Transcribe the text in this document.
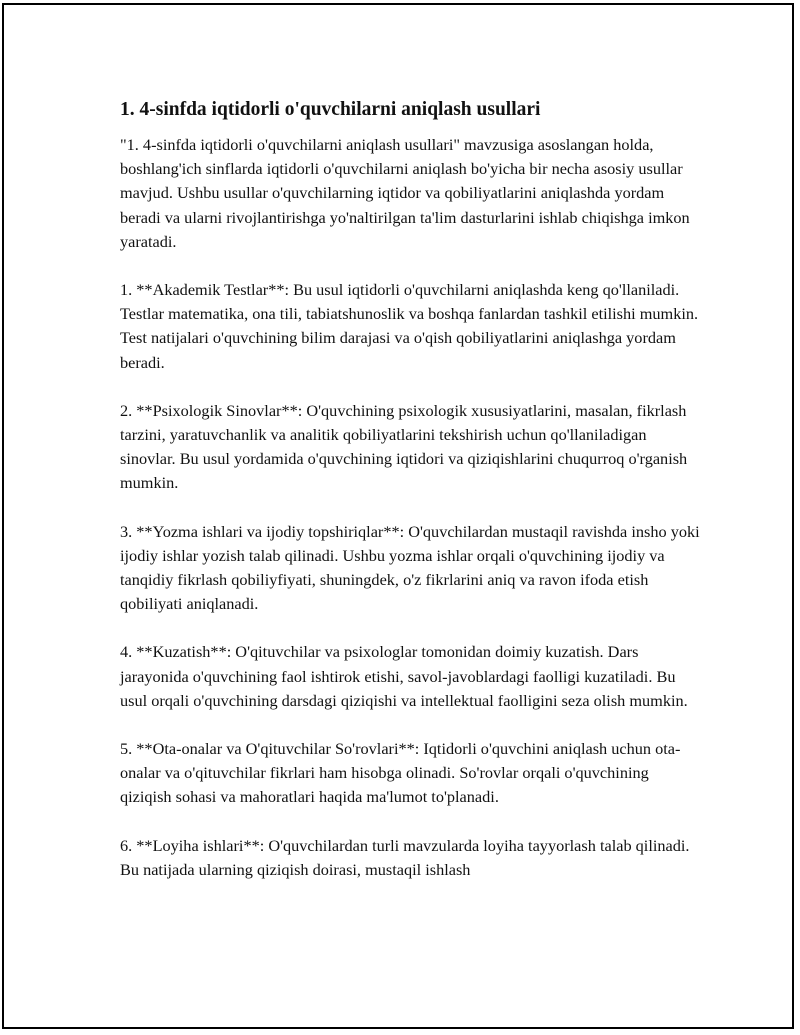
1. 4-sinfda iqtidorli o'quvchilarni aniqlash usullari

"1. 4-sinfda iqtidorli o'quvchilarni aniqlash usullari" mavzusiga asoslangan holda, boshlang'ich sinflarda iqtidorli o'quvchilarni aniqlash bo'yicha bir necha asosiy usullar mavjud. Ushbu usullar o'quvchilarning iqtidor va qobiliyatlarini aniqlashda yordam beradi va ularni rivojlantirishga yo'naltirilgan ta'lim dasturlarini ishlab chiqishga imkon yaratadi.

1. **Akademik Testlar**: Bu usul iqtidorli o'quvchilarni aniqlashda keng qo'llaniladi. Testlar matematika, ona tili, tabiatshunoslik va boshqa fanlardan tashkil etilishi mumkin. Test natijalari o'quvchining bilim darajasi va o'qish qobiliyatlarini aniqlashga yordam beradi.

2. **Psixologik Sinovlar**: O'quvchining psixologik xususiyatlarini, masalan, fikrlash tarzini, yaratuvchanlik va analitik qobiliyatlarini tekshirish uchun qo'llaniladigan sinovlar. Bu usul yordamida o'quvchining iqtidori va qiziqishlarini chuqurroq o'rganish mumkin.

3. **Yozma ishlari va ijodiy topshiriqlar**: O'quvchilardan mustaqil ravishda insho yoki ijodiy ishlar yozish talab qilinadi. Ushbu yozma ishlar orqali o'quvchining ijodiy va tanqidiy fikrlash qobiliyfiyati, shuningdek, o'z fikrlarini aniq va ravon ifoda etish qobiliyati aniqlanadi.

4. **Kuzatish**: O'qituvchilar va psixologlar tomonidan doimiy kuzatish. Dars jarayonida o'quvchining faol ishtirok etishi, savol-javoblardagi faolligi kuzatiladi. Bu usul orqali o'quvchining darsdagi qiziqishi va intellektual faolligini seza olish mumkin.

5. **Ota-onalar va O'qituvchilar So'rovlari**: Iqtidorli o'quvchini aniqlash uchun ota-onalar va o'qituvchilar fikrlari ham hisobga olinadi. So'rovlar orqali o'quvchining qiziqish sohasi va mahoratlari haqida ma'lumot to'planadi.

6. **Loyiha ishlari**: O'quvchilardan turli mavzularda loyiha tayyorlash talab qilinadi. Bu natijada ularning qiziqish doirasi, mustaqil ishlash
